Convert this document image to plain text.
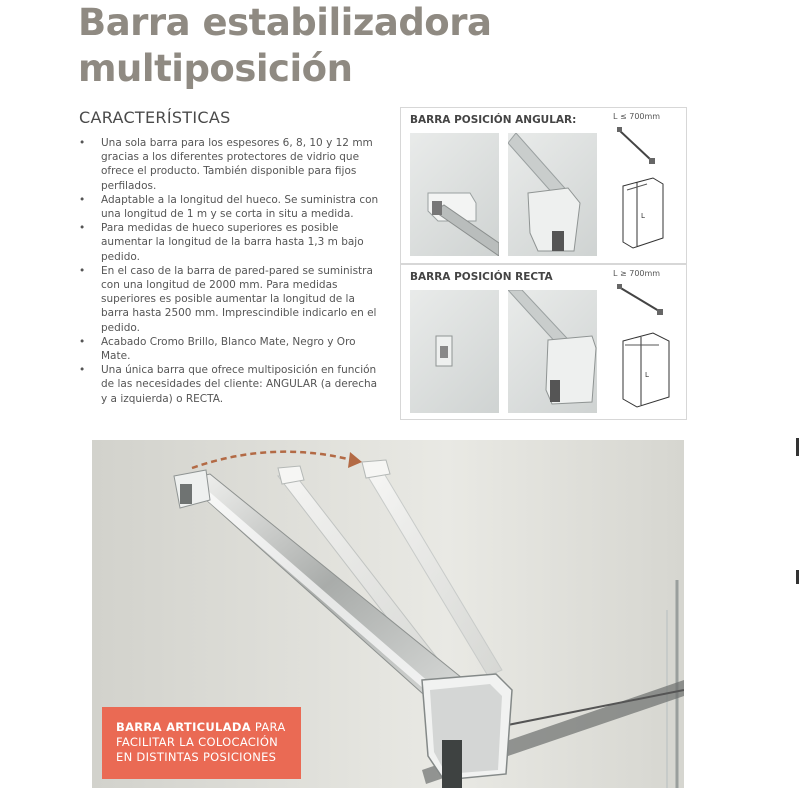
Barra estabilizadora
multiposición
CARACTERÍSTICAS
• Una sola barra para los espesores 6, 8, 10 y 12 mm gracias a los diferentes protectores de vidrio que ofrece el producto. También disponible para fijos perfilados.
• Adaptable a la longitud del hueco. Se suministra con una longitud de 1 m y se corta in situ a medida.
• Para medidas de hueco superiores es posible aumentar la longitud de la barra hasta 1,3 m bajo pedido.
• En el caso de la barra de pared-pared se suministra con una longitud de 2000 mm. Para medidas superiores es posible aumentar la longitud de la barra hasta 2500 mm. Imprescindible indicarlo en el pedido.
• Acabado Cromo Brillo, Blanco Mate, Negro y Oro Mate.
• Una única barra que ofrece multiposición en función de las necesidades del cliente: ANGULAR (a derecha y a izquierda) o RECTA.
BARRA POSICIÓN ANGULAR:	L ≤ 700mm
L
BARRA POSICIÓN RECTA	L ≥ 700mm
L
BARRA ARTICULADA PARA
FACILITAR LA COLOCACIÓN
EN DISTINTAS POSICIONES
